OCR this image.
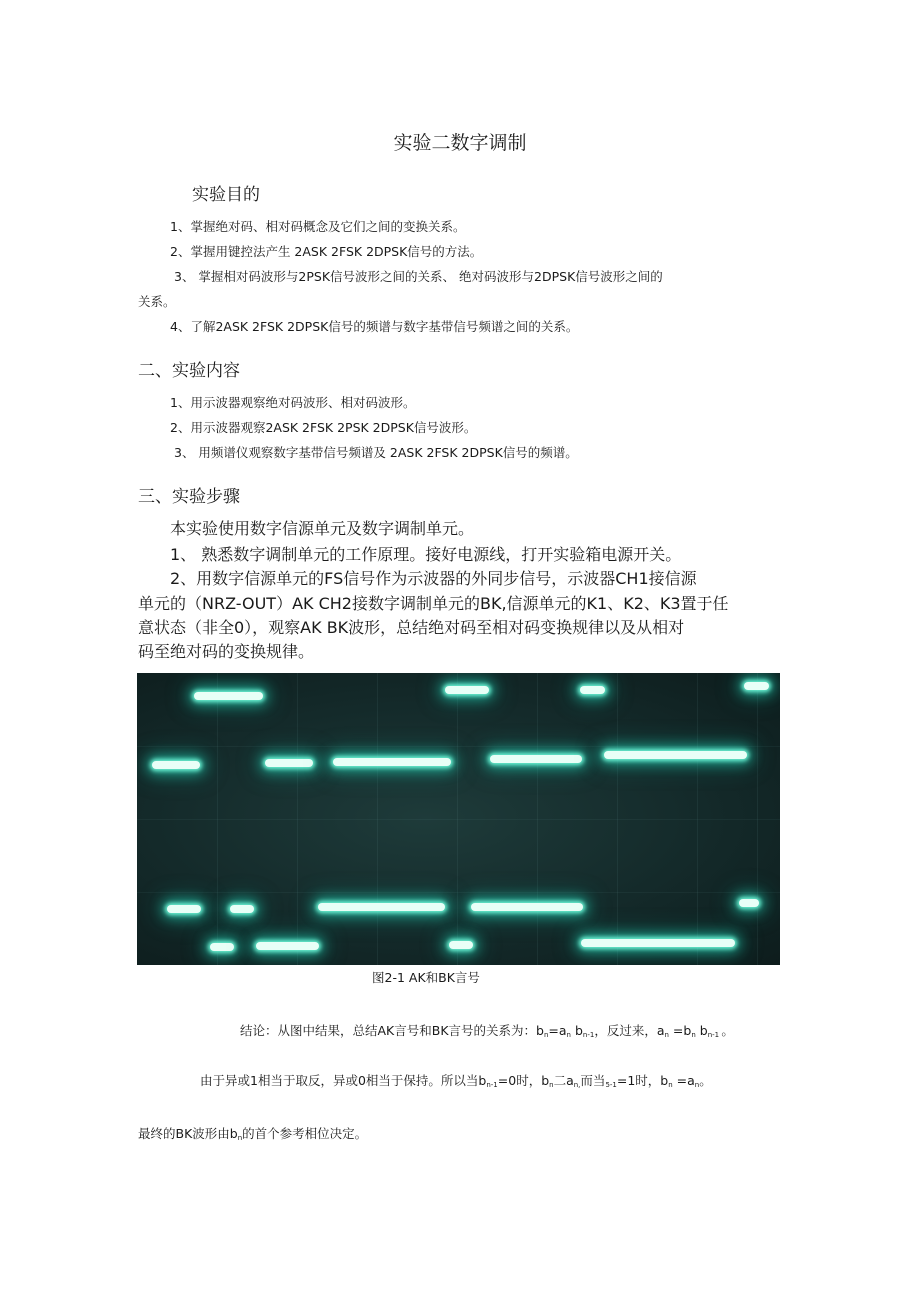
实验二数字调制
实验目的
1、掌握绝对码、相对码概念及它们之间的变换关系。
2、掌握用键控法产生 2ASK 2FSK 2DPSK信号的方法。
3、 掌握相对码波形与2PSK信号波形之间的关系、 绝对码波形与2DPSK信号波形之间的
关系。
4、了解2ASK 2FSK 2DPSK信号的频谱与数字基带信号频谱之间的关系。
二、实验内容
1、用示波器观察绝对码波形、相对码波形。
2、用示波器观察2ASK 2FSK 2PSK 2DPSK信号波形。
3、 用频谱仪观察数字基带信号频谱及 2ASK 2FSK 2DPSK信号的频谱。
三、实验步骤
本实验使用数字信源单元及数字调制单元。
1、 熟悉数字调制单元的工作原理。接好电源线，打开实验箱电源开关。
2、用数字信源单元的FS信号作为示波器的外同步信号，示波器CH1接信源
单元的（NRZ-OUT）AK CH2接数字调制单元的BK,信源单元的K1、K2、K3置于任
意状态（非全0），观察AK BK波形，总结绝对码至相对码变换规律以及从相对
码至绝对码的变换规律。
图2-1 AK和BK言号
结论：从图中结果，总结AK言号和BK言号的关系为：$b_n=a_n$ $b_{n-1}$，反过来，$a_n =b_n$ $b_{n-1}$ 。
由于异或1相当于取反，异或0相当于保持。所以当$b_{n-1}=0$时，$b_n$二$a_{n,}$而当$_{5-1}$=1时，$b_n =a_n$。
最终的BK波形由$b_n$的首个参考相位决定。
